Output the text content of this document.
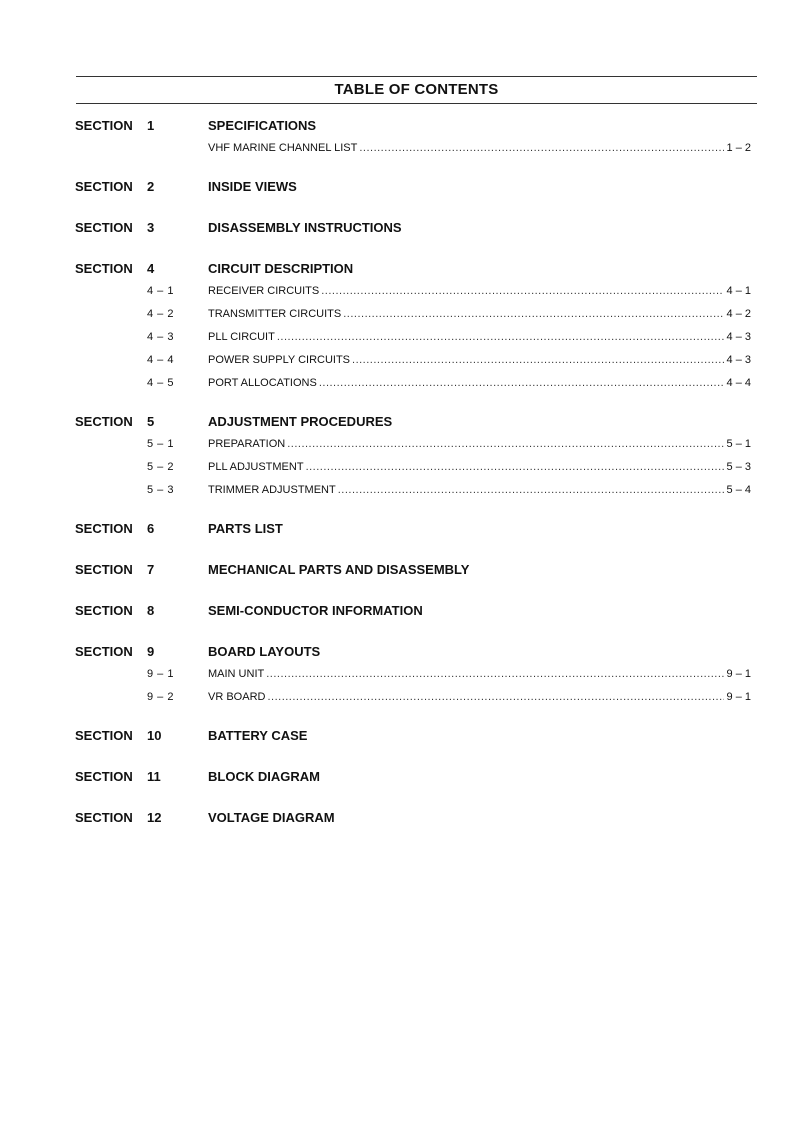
TABLE OF CONTENTS
SECTION 1	SPECIFICATIONS
VHF MARINE CHANNEL LIST .....	1 – 2
SECTION 2	INSIDE VIEWS
SECTION 3	DISASSEMBLY INSTRUCTIONS
SECTION 4	CIRCUIT DESCRIPTION
4 – 1	RECEIVER CIRCUITS .....	4 – 1
4 – 2	TRANSMITTER CIRCUITS .....	4 – 2
4 – 3	PLL CIRCUIT .....	4 – 3
4 – 4	POWER SUPPLY CIRCUITS .....	4 – 3
4 – 5	PORT ALLOCATIONS .....	4 – 4
SECTION 5	ADJUSTMENT PROCEDURES
5 – 1	PREPARATION .....	5 – 1
5 – 2	PLL ADJUSTMENT .....	5 – 3
5 – 3	TRIMMER ADJUSTMENT .....	5 – 4
SECTION 6	PARTS LIST
SECTION 7	MECHANICAL PARTS AND DISASSEMBLY
SECTION 8	SEMI-CONDUCTOR INFORMATION
SECTION 9	BOARD LAYOUTS
9 – 1	MAIN UNIT .....	9 – 1
9 – 2	VR BOARD .....	9 – 1
SECTION 10	BATTERY CASE
SECTION 11	BLOCK DIAGRAM
SECTION 12	VOLTAGE DIAGRAM
